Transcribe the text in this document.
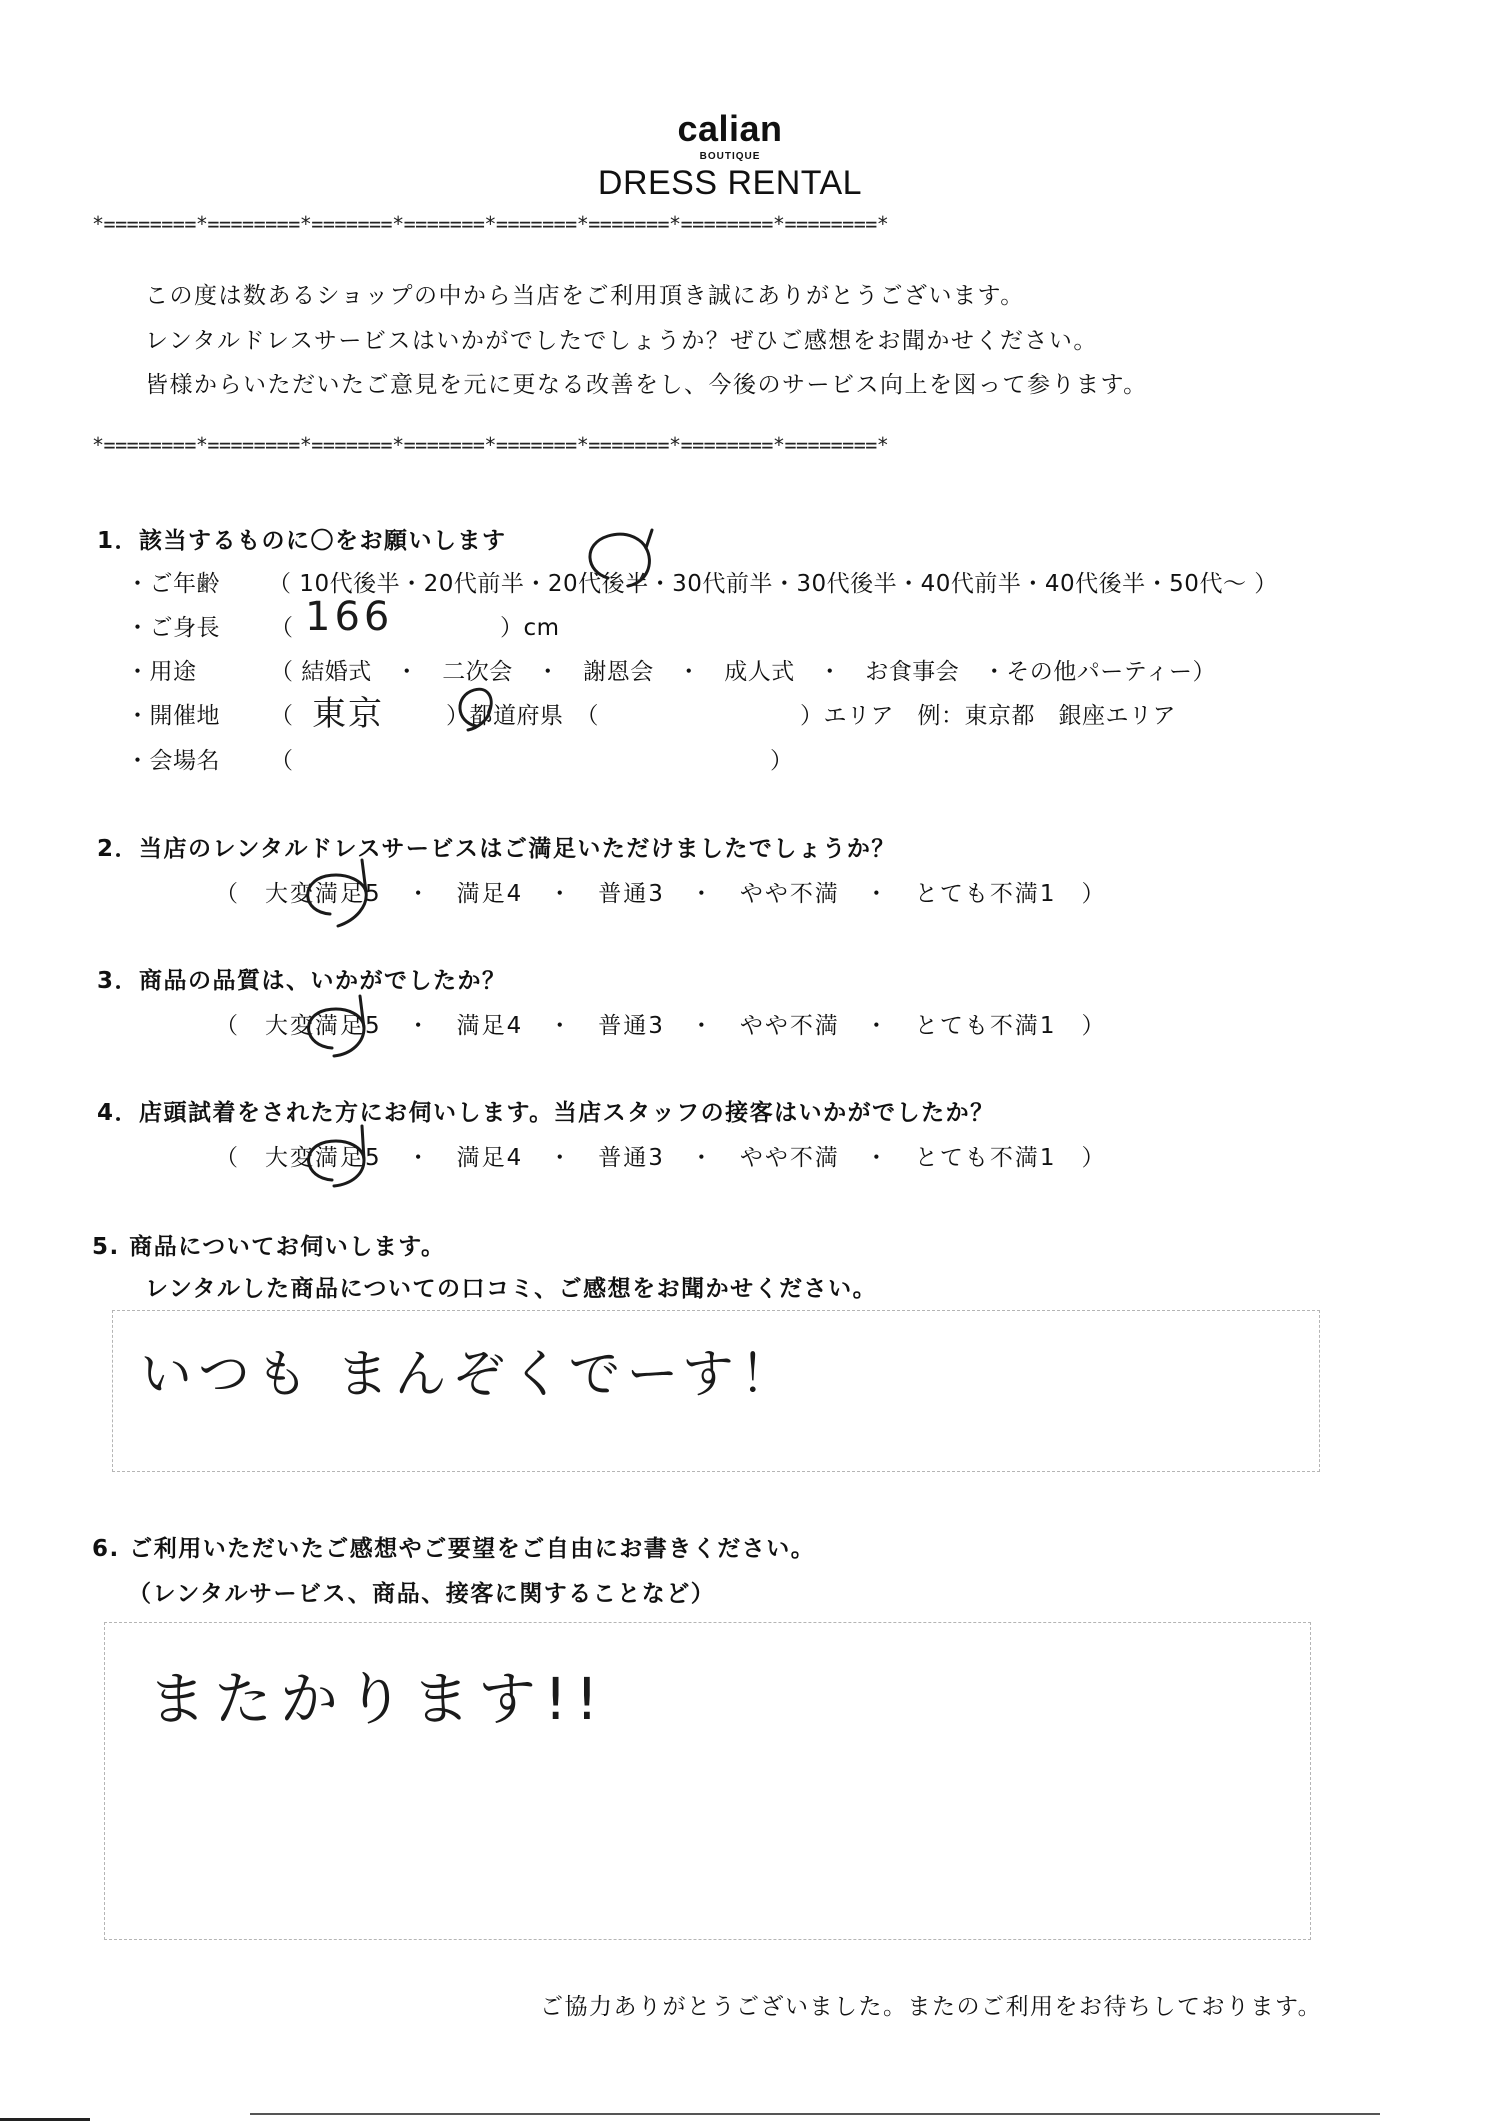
calian
BOUTIQUE
DRESS RENTAL
*========*========*=======*=======*=======*=======*========*========*
この度は数あるショップの中から当店をご利用頂き誠にありがとうございます。
レンタルドレスサービスはいかがでしたでしょうか？ぜひご感想をお聞かせください。
皆様からいただいたご意見を元に更なる改善をし、今後のサービス向上を図って参ります。
*========*========*=======*=======*=======*=======*========*========*
1．該当するものに〇をお願いします
・ご年齢 （ 10代後半・20代前半・20代後半・30代前半・30代後半・40代前半・40代後半・50代～ ）
・ご身長 （ 166	）cm
・用途	（ 結婚式　・　二次会　・　謝恩会　・　成人式　・　お食事会　・その他パーティー）
・開催地 （ 東京	）都道府県　（	）エリア　例：東京都　銀座エリア
・会場名 （	）
2．当店のレンタルドレスサービスはご満足いただけましたでしょうか？
（　大変満足5　・　満足4　・　普通3　・　やや不満　・　とても不満1　）
3．商品の品質は、いかがでしたか？
（　大変満足5　・　満足4　・　普通3　・　やや不満　・　とても不満1　）
4．店頭試着をされた方にお伺いします。当店スタッフの接客はいかがでしたか？
（　大変満足5　・　満足4　・　普通3　・　やや不満　・　とても不満1　）
5. 商品についてお伺いします。
レンタルした商品についての口コミ、ご感想をお聞かせください。
いつも まんぞくでーす！
6. ご利用いただいたご感想やご要望をご自由にお書きください。
（レンタルサービス、商品、接客に関することなど）
またかります!!
ご協力ありがとうございました。またのご利用をお待ちしております。
